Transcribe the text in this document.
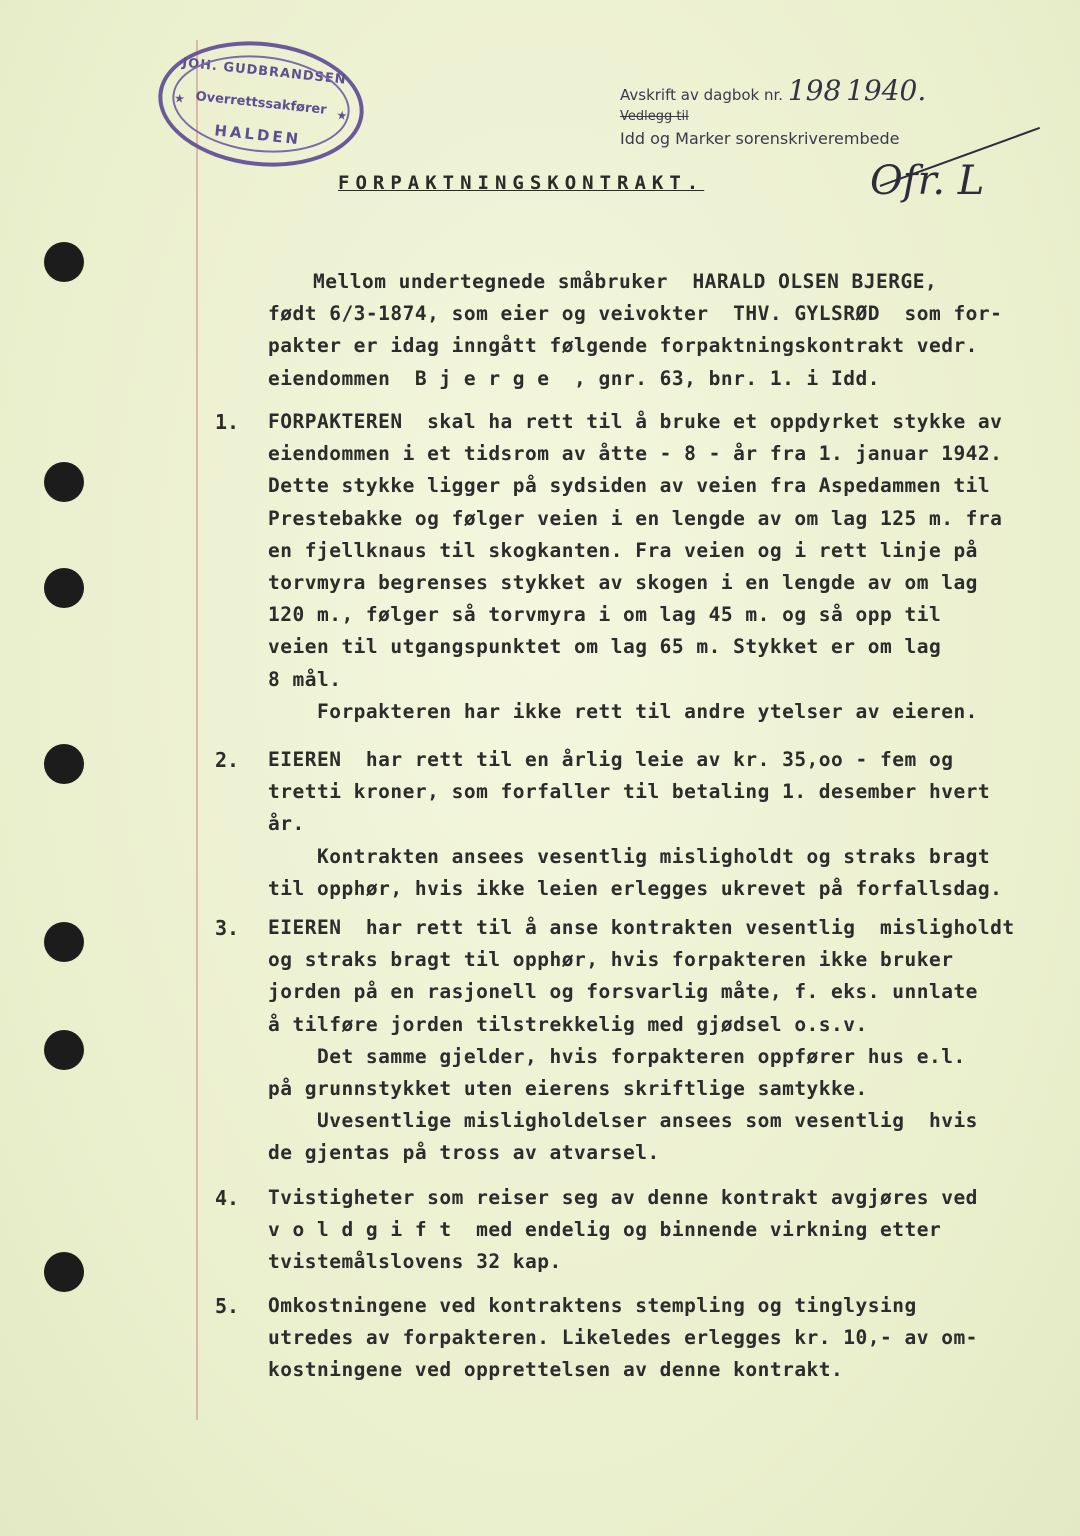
JOH. GUDBRANDSEN
★ Overrettssakfører ★
HALDEN
Avskrift av dagbok nr. 198 1940.
Vedlegg til
Idd og Marker sorenskriverembede
FORPAKTNINGSKONTRAKT.	Ofr. L
Mellom undertegnede småbruker  HARALD OLSEN BJERGE,
født 6/3-1874, som eier og veivokter  THV. GYLSRØD  som for-
pakter er idag inngått følgende forpaktningskontrakt vedr.
eiendommen  B j e r g e  , gnr. 63, bnr. 1. i Idd.
1. FORPAKTEREN  skal ha rett til å bruke et oppdyrket stykke av
eiendommen i et tidsrom av åtte - 8 - år fra 1. januar 1942.
Dette stykke ligger på sydsiden av veien fra Aspedammen til
Prestebakke og følger veien i en lengde av om lag 125 m. fra
en fjellknaus til skogkanten. Fra veien og i rett linje på
torvmyra begrenses stykket av skogen i en lengde av om lag
120 m., følger så torvmyra i om lag 45 m. og så opp til
veien til utgangspunktet om lag 65 m. Stykket er om lag
8 mål.
Forpakteren har ikke rett til andre ytelser av eieren.
2. EIEREN  har rett til en årlig leie av kr. 35,oo - fem og
tretti kroner, som forfaller til betaling 1. desember hvert
år.
Kontrakten ansees vesentlig misligholdt og straks bragt
til opphør, hvis ikke leien erlegges ukrevet på forfallsdag.
3. EIEREN  har rett til å anse kontrakten vesentlig  misligholdt
og straks bragt til opphør, hvis forpakteren ikke bruker
jorden på en rasjonell og forsvarlig måte, f. eks. unnlate
å tilføre jorden tilstrekkelig med gjødsel o.s.v.
Det samme gjelder, hvis forpakteren oppfører hus e.l.
på grunnstykket uten eierens skriftlige samtykke.
Uvesentlige misligholdelser ansees som vesentlig  hvis
de gjentas på tross av atvarsel.
4. Tvistigheter som reiser seg av denne kontrakt avgjøres ved
v o l d g i f t  med endelig og binnende virkning etter
tvistemålslovens 32 kap.
5. Omkostningene ved kontraktens stempling og tinglysing
utredes av forpakteren. Likeledes erlegges kr. 10,- av om-
kostningene ved opprettelsen av denne kontrakt.
